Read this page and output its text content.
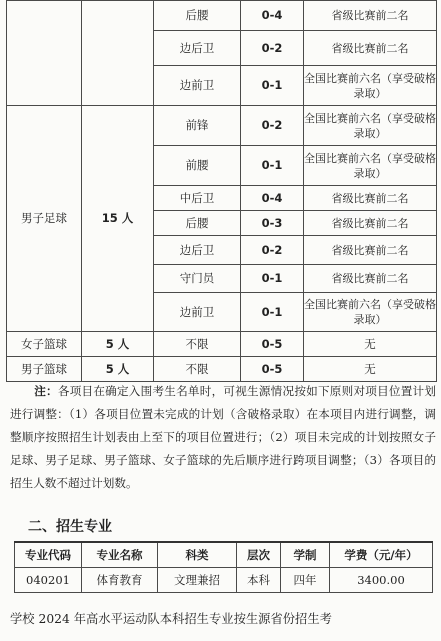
		后腰	0-4	省级比赛前二名
		边后卫	0-2	省级比赛前二名
		边前卫	0-1	全国比赛前六名（享受破格录取）
男子足球	15 人	前锋	0-2	全国比赛前六名（享受破格录取）
		前腰	0-1	全国比赛前六名（享受破格录取）
		中后卫	0-4	省级比赛前二名
		后腰	0-3	省级比赛前二名
		边后卫	0-2	省级比赛前二名
		守门员	0-1	省级比赛前二名
		边前卫	0-1	全国比赛前六名（享受破格录取）
女子篮球	5 人	不限	0-5	无
男子篮球	5 人	不限	0-5	无
注：各项目在确定入围考生名单时，可视生源情况按如下原则对项目位置计划进行调整：（1）各项目位置未完成的计划（含破格录取）在本项目内进行调整，调整顺序按照招生计划表由上至下的项目位置进行；（2）项目未完成的计划按照女子足球、男子足球、男子篮球、女子篮球的先后顺序进行跨项目调整；（3）各项目的招生人数不超过计划数。
二、招生专业
专业代码	专业名称	科类	层次	学制	学费（元/年）
040201	体育教育	文理兼招	本科	四年	3400.00
学校 2024 年高水平运动队本科招生专业按生源省份招生考
